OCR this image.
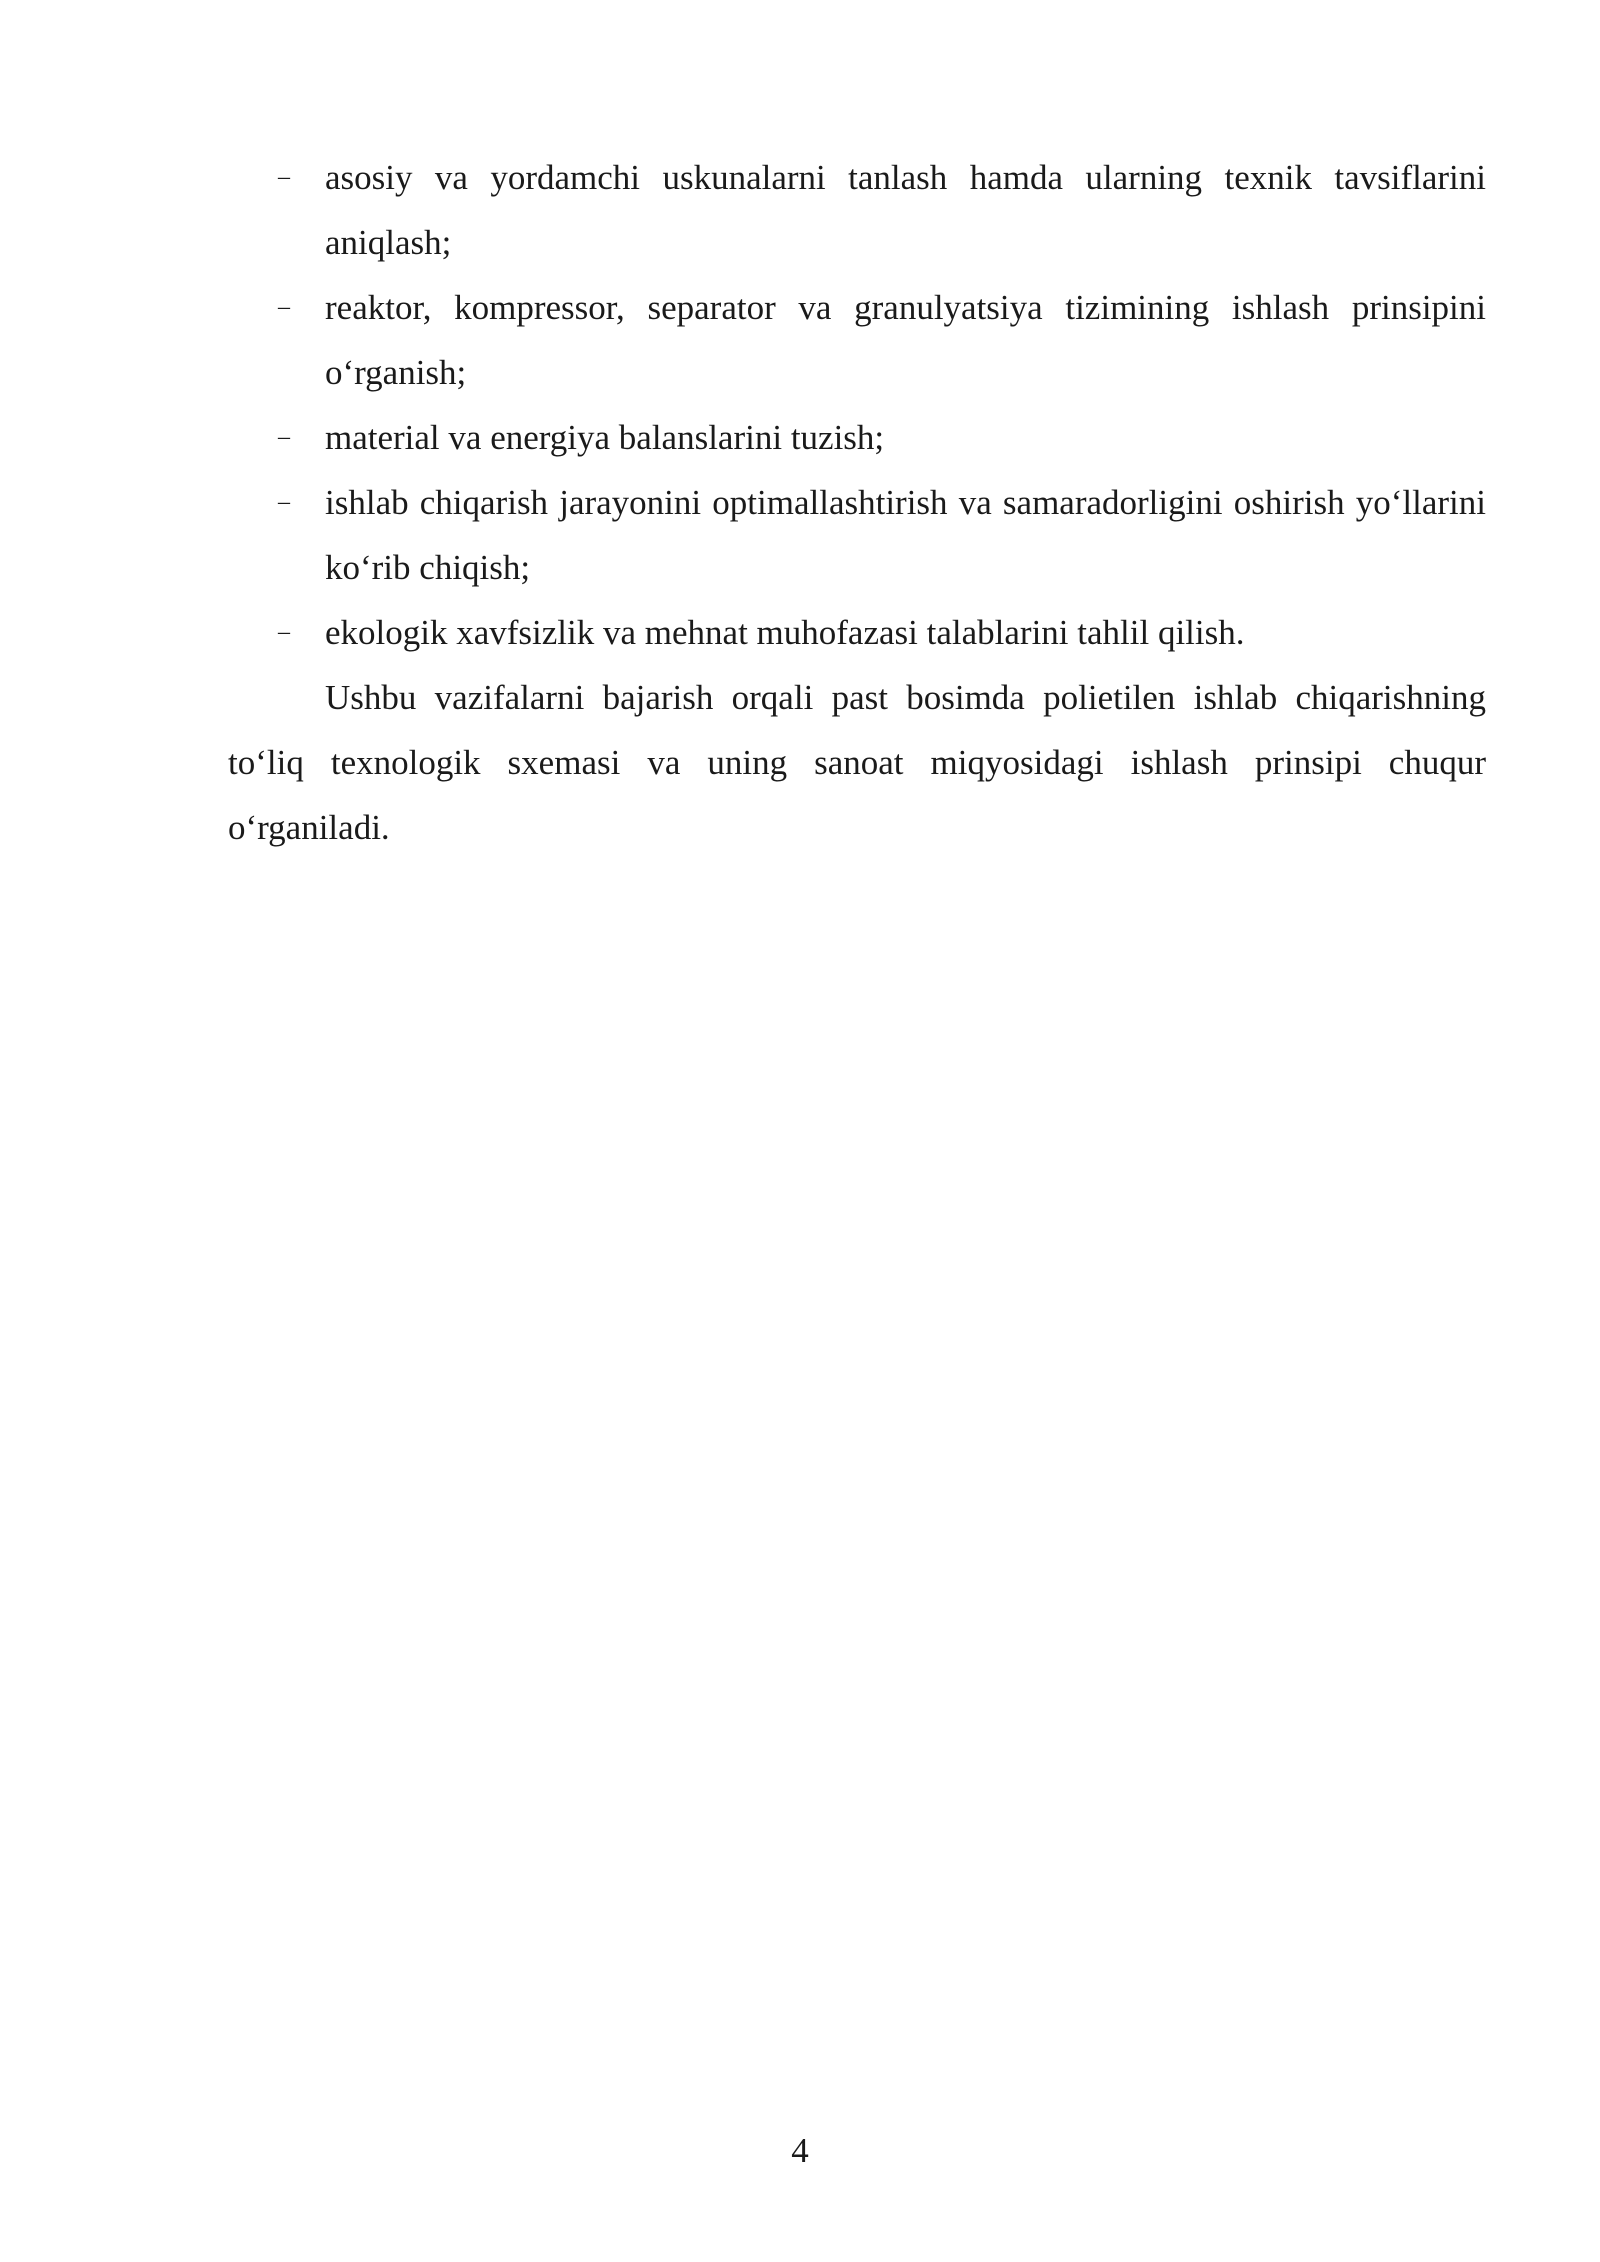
– asosiy va yordamchi uskunalarni tanlash hamda ularning texnik tavsiflarini aniqlash;
– reaktor, kompressor, separator va granulyatsiya tizimining ishlash prinsipini o‘rganish;
– material va energiya balanslarini tuzish;
– ishlab chiqarish jarayonini optimallashtirish va samaradorligini oshirish yo‘llarini ko‘rib chiqish;
– ekologik xavfsizlik va mehnat muhofazasi talablarini tahlil qilish.

Ushbu vazifalarni bajarish orqali past bosimda polietilen ishlab chiqarishning to‘liq texnologik sxemasi va uning sanoat miqyosidagi ishlash prinsipi chuqur o‘rganiladi.

4
